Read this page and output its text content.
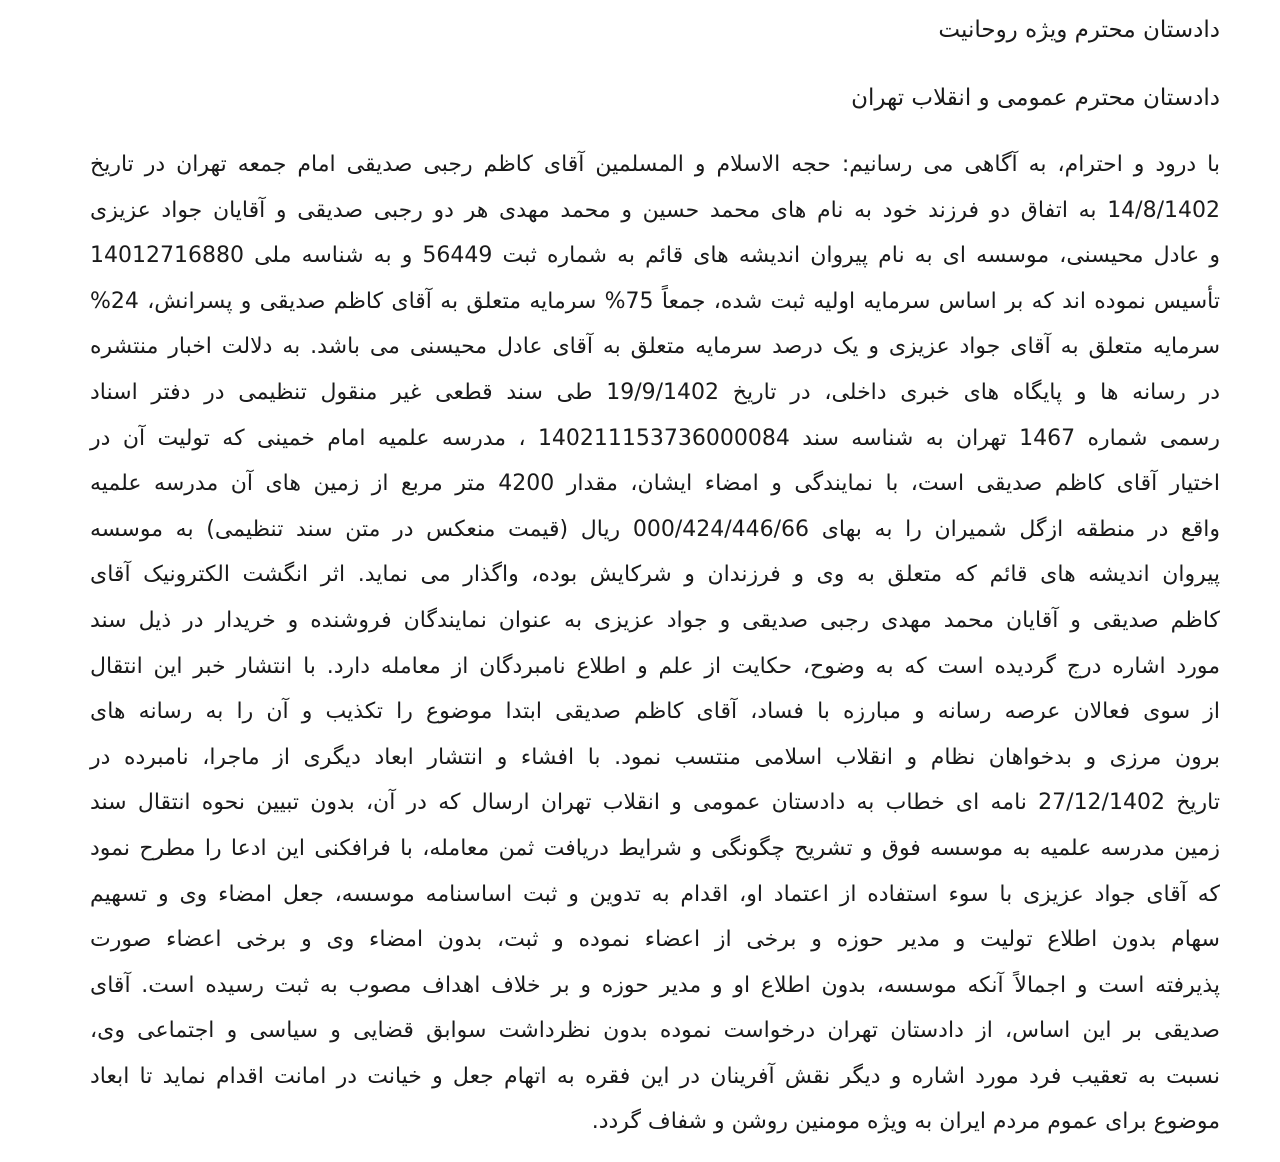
دادستان محترم ویژه روحانیت
دادستان محترم عمومی و انقلاب تهران
با درود و احترام، به آگاهی می رسانیم: حجه الاسلام و المسلمین آقای کاظم رجبی صدیقی امام جمعه تهران در تاریخ
14/8/1402 به اتفاق دو فرزند خود به نام های محمد حسین و محمد مهدی هر دو رجبی صدیقی و آقایان جواد عزیزی
و عادل محیسنی، موسسه ای به نام پیروان اندیشه های قائم به شماره ثبت 56449 و به شناسه ملی 14012716880
تأسیس نموده اند که بر اساس سرمایه اولیه ثبت شده، جمعاً 75% سرمایه متعلق به آقای کاظم صدیقی و پسرانش، 24%
سرمایه متعلق به آقای جواد عزیزی و یک درصد سرمایه متعلق به آقای عادل محیسنی می باشد. به دلالت اخبار منتشره
در رسانه ها و پایگاه های خبری داخلی، در تاریخ 19/9/1402 طی سند قطعی غیر منقول تنظیمی در دفتر اسناد
رسمی شماره 1467 تهران به شناسه سند 140211153736000084 ، مدرسه علمیه امام خمینی که تولیت آن در
اختیار آقای کاظم صدیقی است، با نمایندگی و امضاء ایشان، مقدار 4200 متر مربع از زمین های آن مدرسه علمیه
واقع در منطقه ازگل شمیران را به بهای 000/424/446/66 ریال (قیمت منعکس در متن سند تنظیمی) به موسسه
پیروان اندیشه های قائم که متعلق به وی و فرزندان و شرکایش بوده، واگذار می نماید. اثر انگشت الکترونیک آقای
کاظم صدیقی و آقایان محمد مهدی رجبی صدیقی و جواد عزیزی به عنوان نمایندگان فروشنده و خریدار در ذیل سند
مورد اشاره درج گردیده است که به وضوح، حکایت از علم و اطلاع نامبردگان از معامله دارد. با انتشار خبر این انتقال
از سوی فعالان عرصه رسانه و مبارزه با فساد، آقای کاظم صدیقی ابتدا موضوع را تکذیب و آن را به رسانه های
برون مرزی و بدخواهان نظام و انقلاب اسلامی منتسب نمود. با افشاء و انتشار ابعاد دیگری از ماجرا، نامبرده در
تاریخ 27/12/1402 نامه ای خطاب به دادستان عمومی و انقلاب تهران ارسال که در آن، بدون تبیین نحوه انتقال سند
زمین مدرسه علمیه به موسسه فوق و تشریح چگونگی و شرایط دریافت ثمن معامله، با فرافکنی این ادعا را مطرح نمود
که آقای جواد عزیزی با سوء استفاده از اعتماد او، اقدام به تدوین و ثبت اساسنامه موسسه، جعل امضاء وی و تسهیم
سهام بدون اطلاع تولیت و مدیر حوزه و برخی از اعضاء نموده و ثبت، بدون امضاء وی و برخی اعضاء صورت
پذیرفته است و اجمالاً آنکه موسسه، بدون اطلاع او و مدیر حوزه و بر خلاف اهداف مصوب به ثبت رسیده است. آقای
صدیقی بر این اساس، از دادستان تهران درخواست نموده بدون نظرداشت سوابق قضایی و سیاسی و اجتماعی وی،
نسبت به تعقیب فرد مورد اشاره و دیگر نقش آفرینان در این فقره به اتهام جعل و خیانت در امانت اقدام نماید تا ابعاد
موضوع برای عموم مردم ایران به ویژه مومنین روشن و شفاف گردد.
